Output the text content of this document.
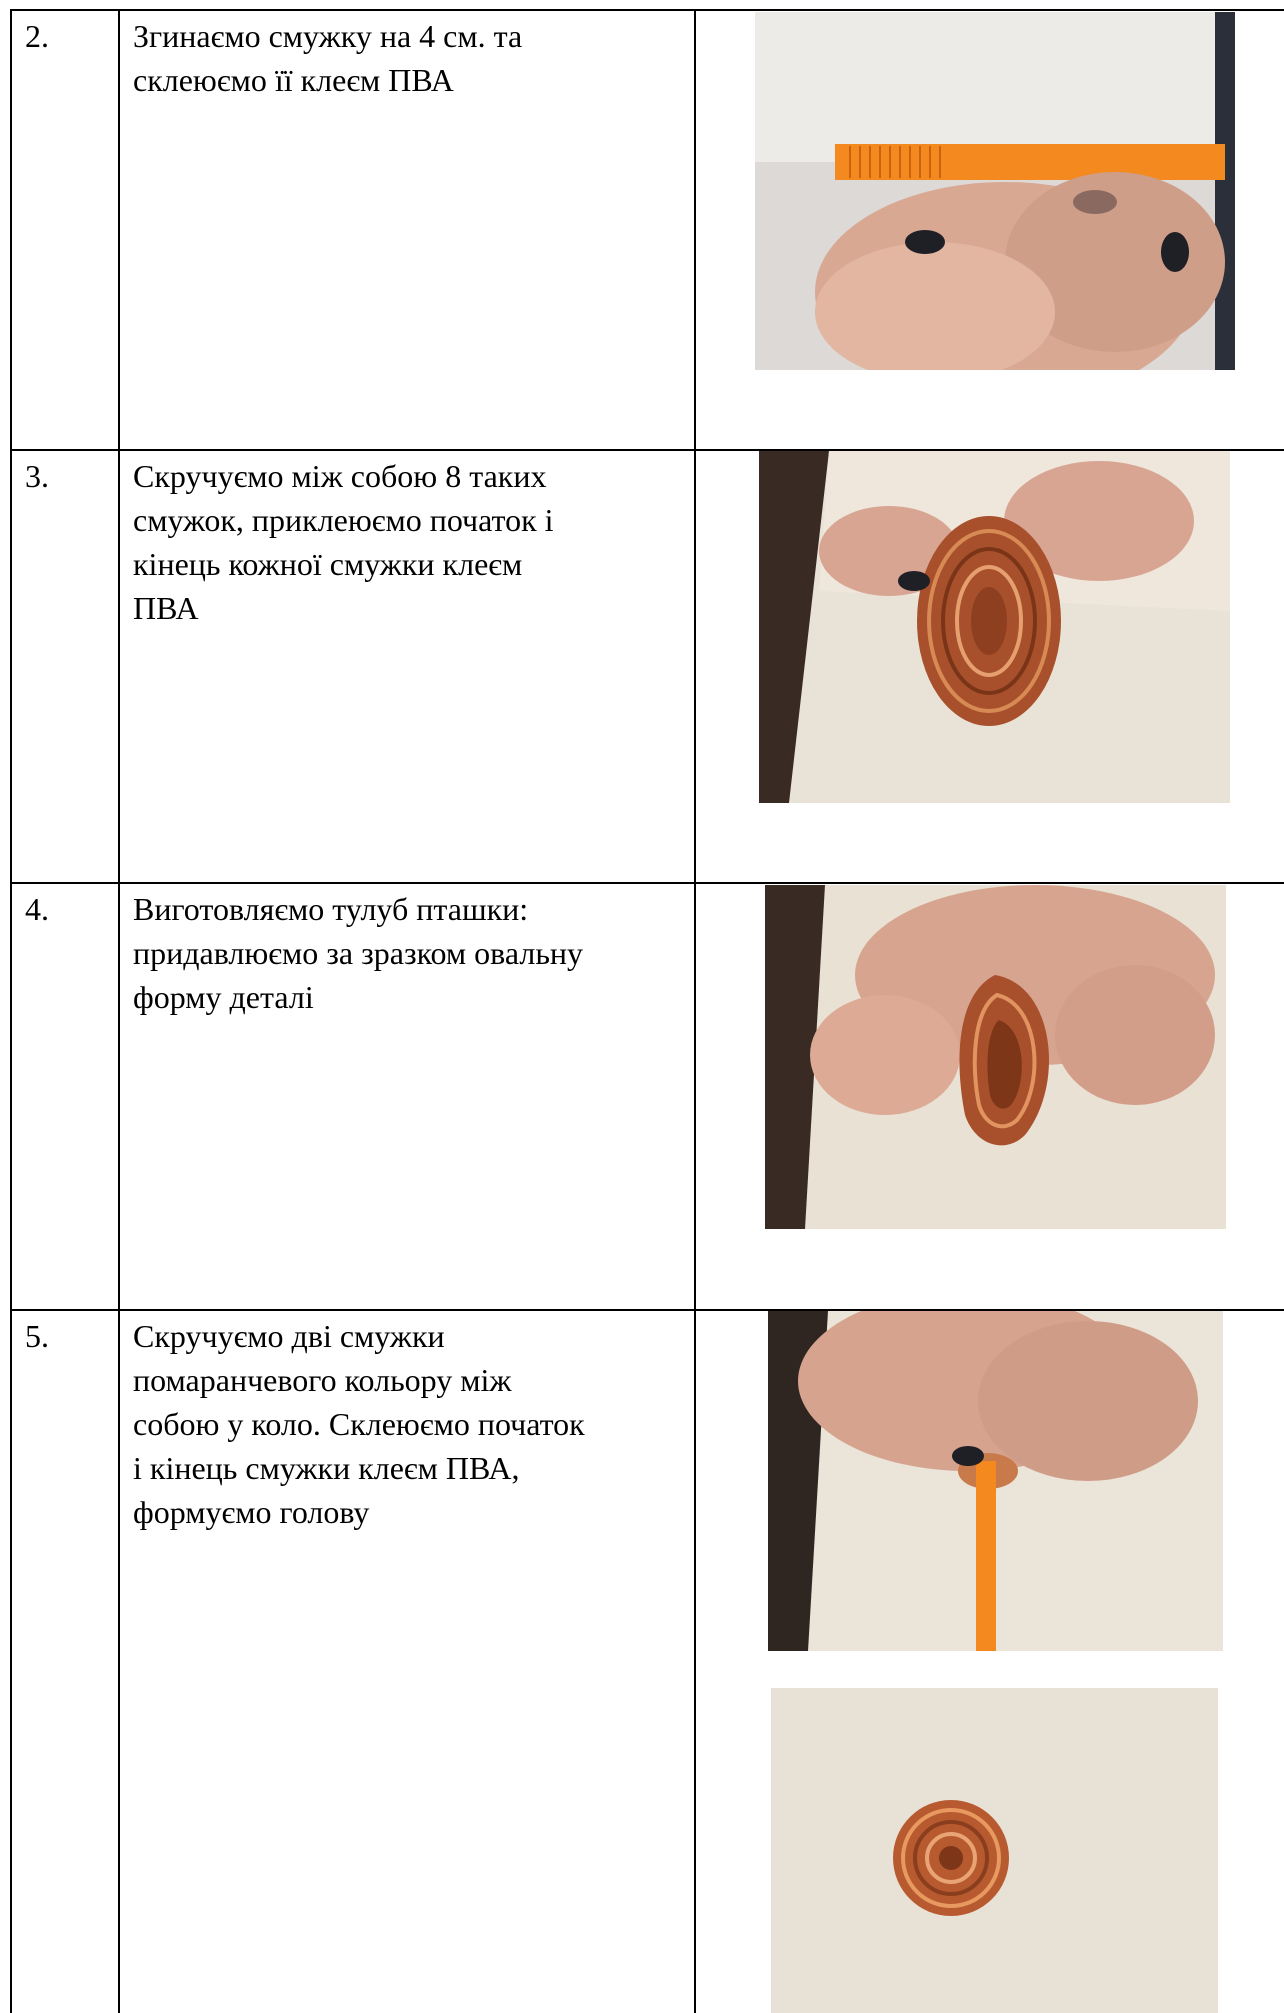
2.	Згинаємо смужку на 4 см. та
склеюємо її клеєм ПВА
3.	Скручуємо між собою 8 таких
смужок, приклеюємо початок і
кінець кожної смужки клеєм
ПВА
4.	Виготовляємо тулуб пташки:
придавлюємо за зразком овальну
форму деталі
5.	Скручуємо дві смужки
помаранчевого кольору між
собою у коло. Склеюємо початок
і кінець смужки клеєм ПВА,
формуємо голову
